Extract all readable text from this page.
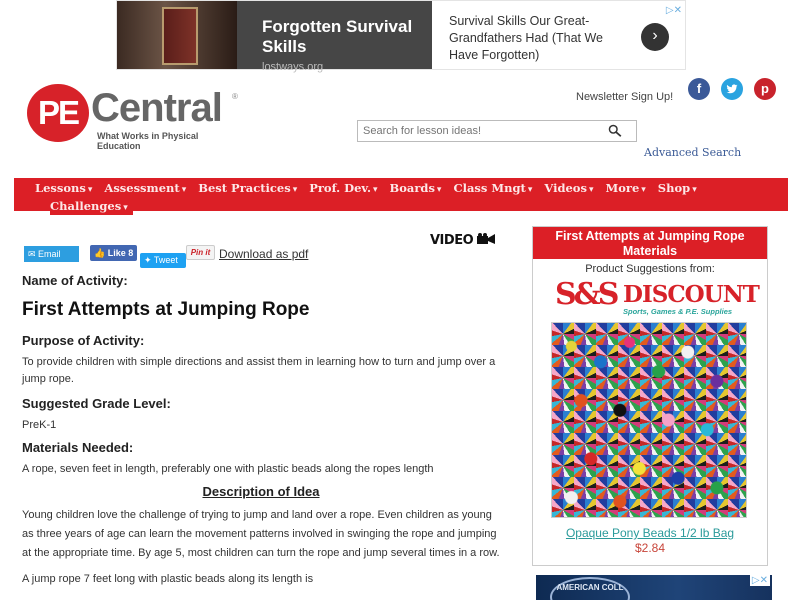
Forgotten Survival Skills
lostways.org
Survival Skills Our Great-Grandfathers Had (That We Have Forgotten)
›
▷✕
PE Central ®
What Works in Physical Education
Newsletter Sign Up!
f	p
Search for lesson ideas!
Advanced Search
Lessons ▾ Assessment ▾ Best Practices ▾ Prof. Dev. ▾ Boards ▾ Class Mngt ▾ Videos ▾ More ▾ Shop ▾
Challenges ▾
✉ Email	👍 Like 8
✦ Tweet
Pin it Download as pdf
VIDEO
Name of Activity:
First Attempts at Jumping Rope
Purpose of Activity:
To provide children with simple directions and assist them in learning how to turn and jump over a jump rope.
Suggested Grade Level:
PreK-1
Materials Needed:
A rope, seven feet in length, preferably one with plastic beads along the ropes length
Description of Idea
Young children love the challenge of trying to jump and land over a rope. Even children as young as three years of age can learn the movement patterns involved in swinging the rope and jumping at the appropriate time. By age 5, most children can turn the rope and jump several times in a row.
A jump rope 7 feet long with plastic beads along its length is
First Attempts at Jumping Rope Materials
Product Suggestions from:
S&S DISCOUNT
Sports, Games & P.E. Supplies
Opaque Pony Beads 1/2 lb Bag
$2.84
AMERICAN COLL
▷✕
